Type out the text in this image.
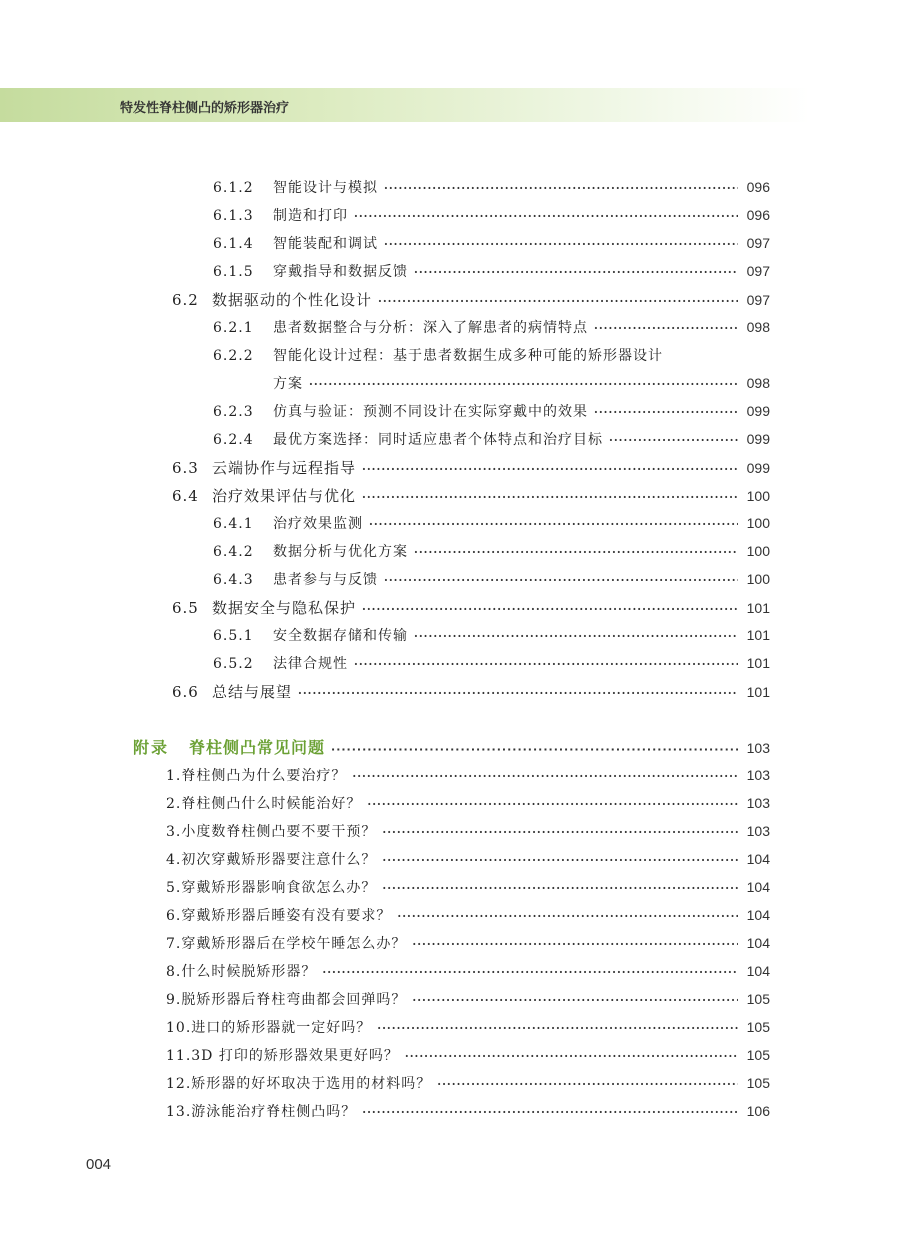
特发性脊柱侧凸的矫形器治疗
6.1.2	智能设计与模拟 ·····	096
6.1.3	制造和打印 ·····	096
6.1.4	智能装配和调试 ·····	097
6.1.5	穿戴指导和数据反馈 ·····	097
6.2 数据驱动的个性化设计 ·····	097
6.2.1	患者数据整合与分析：深入了解患者的病情特点 ·····	098
6.2.2	智能化设计过程：基于患者数据生成多种可能的矫形器设计
方案 ·····	098
6.2.3	仿真与验证：预测不同设计在实际穿戴中的效果 ·····	099
6.2.4	最优方案选择：同时适应患者个体特点和治疗目标 ·····	099
6.3 云端协作与远程指导 ·····	099
6.4 治疗效果评估与优化 ·····	100
6.4.1	治疗效果监测 ·····	100
6.4.2	数据分析与优化方案 ·····	100
6.4.3	患者参与与反馈 ·····	100
6.5 数据安全与隐私保护 ·····	101
6.5.1	安全数据存储和传输 ·····	101
6.5.2	法律合规性 ·····	101
6.6 总结与展望 ·····	101
附录	脊柱侧凸常见问题 ·····	103
1. 脊柱侧凸为什么要治疗？ ·····	103
2. 脊柱侧凸什么时候能治好？ ·····	103
3. 小度数脊柱侧凸要不要干预？ ·····	103
4. 初次穿戴矫形器要注意什么？ ·····	104
5. 穿戴矫形器影响食欲怎么办？ ·····	104
6. 穿戴矫形器后睡姿有没有要求？ ·····	104
7. 穿戴矫形器后在学校午睡怎么办？ ·····	104
8. 什么时候脱矫形器？ ·····	104
9. 脱矫形器后脊柱弯曲都会回弹吗？ ·····	105
10. 进口的矫形器就一定好吗？ ·····	105
11. 3D 打印的矫形器效果更好吗？ ·····	105
12. 矫形器的好坏取决于选用的材料吗？ ·····	105
13. 游泳能治疗脊柱侧凸吗？ ·····	106
004
